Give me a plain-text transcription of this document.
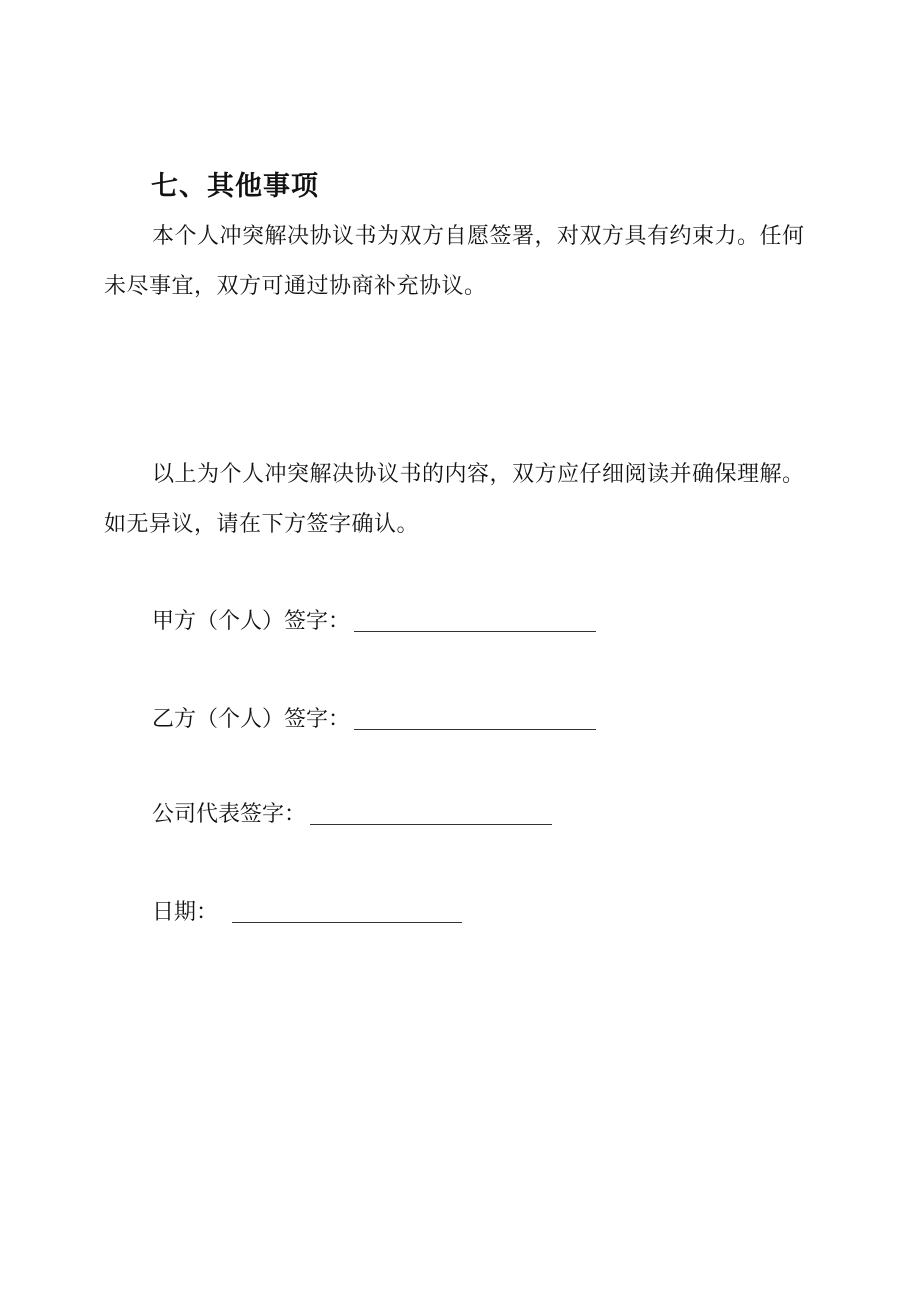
七、其他事项

本个人冲突解决协议书为双方自愿签署，对双方具有约束力。任何未尽事宜，双方可通过协商补充协议。

以上为个人冲突解决协议书的内容，双方应仔细阅读并确保理解。如无异议，请在下方签字确认。

甲方（个人）签字：
乙方（个人）签字：
公司代表签字：
日期：
